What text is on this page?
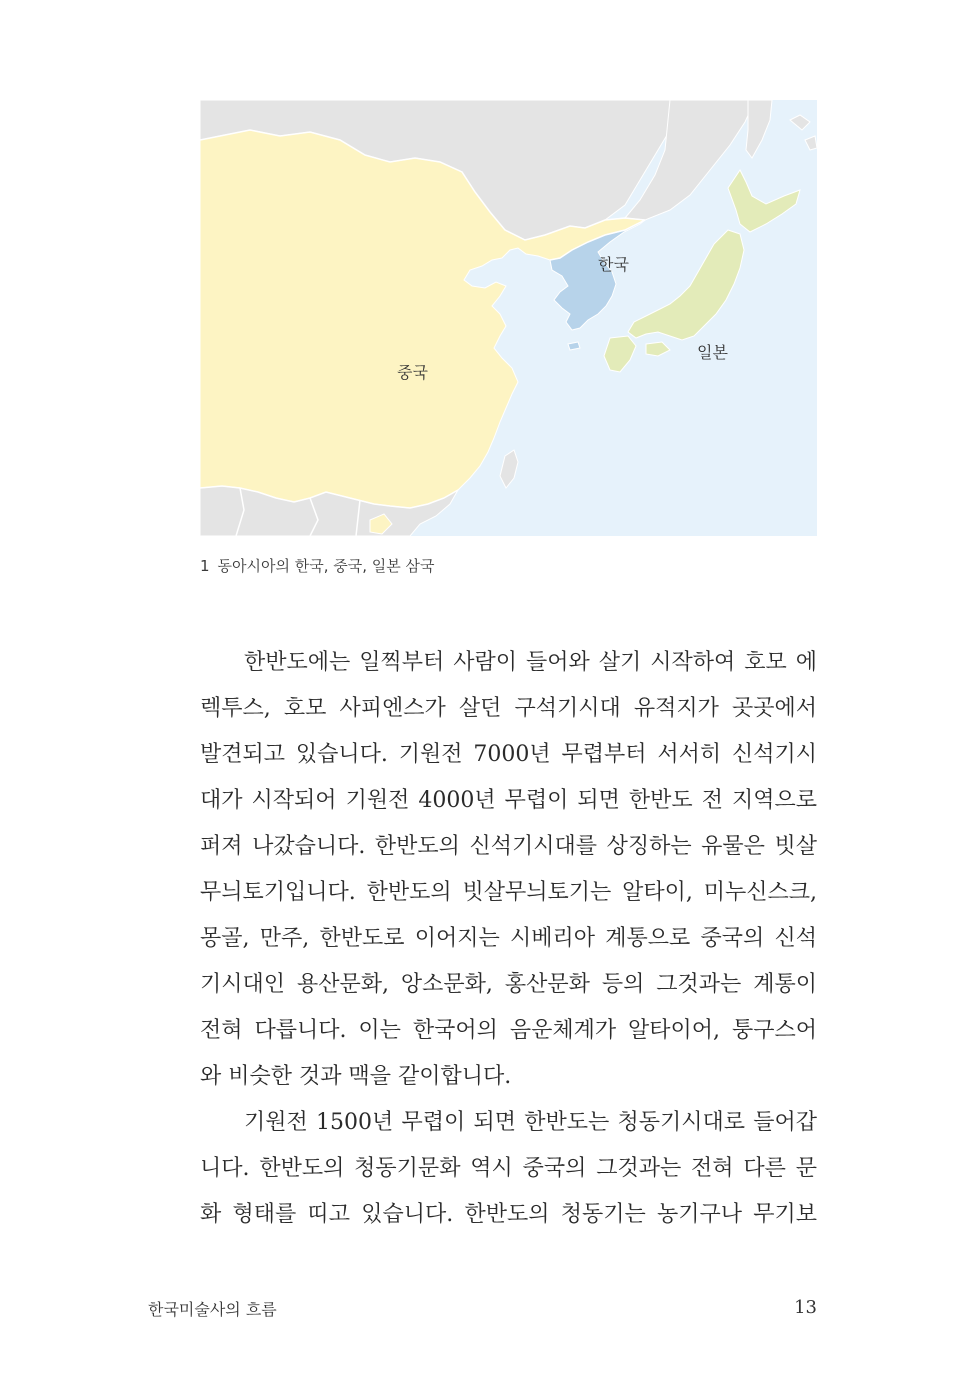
한국
중국
일본
1 동아시아의 한국, 중국, 일본 삼국
한반도에는 일찍부터 사람이 들어와 살기 시작하여 호모 에
렉투스, 호모 사피엔스가 살던 구석기시대 유적지가 곳곳에서
발견되고 있습니다. 기원전 7000년 무렵부터 서서히 신석기시
대가 시작되어 기원전 4000년 무렵이 되면 한반도 전 지역으로
퍼져 나갔습니다. 한반도의 신석기시대를 상징하는 유물은 빗살
무늬토기입니다. 한반도의 빗살무늬토기는 알타이, 미누신스크,
몽골, 만주, 한반도로 이어지는 시베리아 계통으로 중국의 신석
기시대인 용산문화, 앙소문화, 홍산문화 등의 그것과는 계통이
전혀 다릅니다. 이는 한국어의 음운체계가 알타이어, 퉁구스어
와 비슷한 것과 맥을 같이합니다.
기원전 1500년 무렵이 되면 한반도는 청동기시대로 들어갑
니다. 한반도의 청동기문화 역시 중국의 그것과는 전혀 다른 문
화 형태를 띠고 있습니다. 한반도의 청동기는 농기구나 무기보
한국미술사의 흐름	13
